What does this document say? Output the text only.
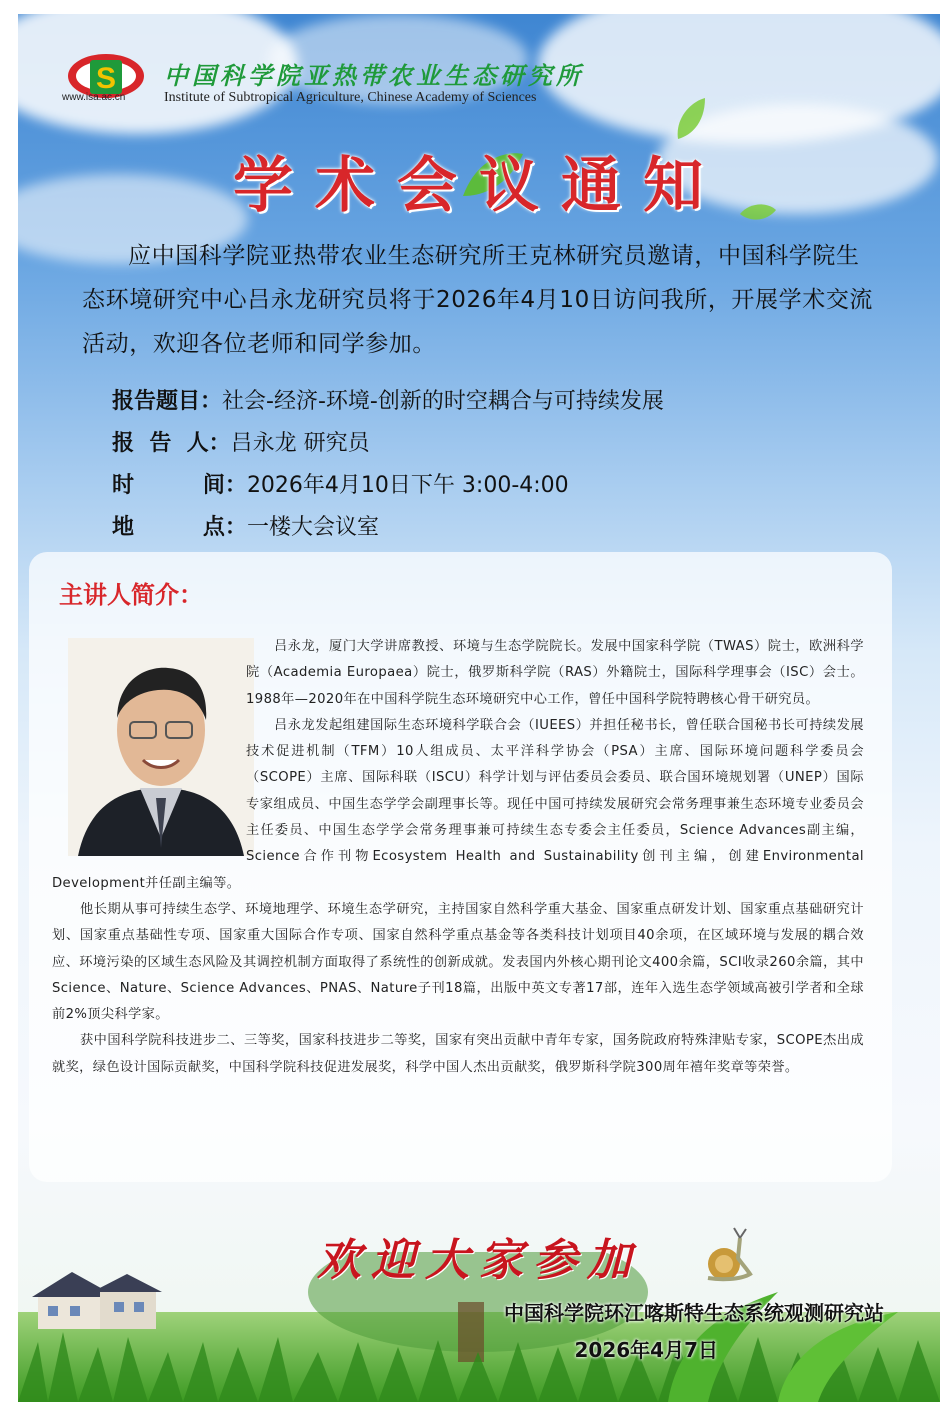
S
www.isa.ac.cn
中国科学院亚热带农业生态研究所
Institute of Subtropical Agriculture, Chinese Academy of Sciences
学术会议通知
应中国科学院亚热带农业生态研究所王克林研究员邀请，中国科学院生态环境研究中心吕永龙研究员将于2026年4月10日访问我所，开展学术交流活动，欢迎各位老师和同学参加。
报告题目：社会-经济-环境-创新的时空耦合与可持续发展
报  告  人：吕永龙 研究员
时         间：2026年4月10日下午 3:00-4:00
地         点：一楼大会议室
欢迎大家参加
中国科学院环江喀斯特生态系统观测研究站
2026年4月7日
主讲人简介：

吕永龙，厦门大学讲席教授、环境与生态学院院长。发展中国家科学院（TWAS）院士，欧洲科学院（Academia Europaea）院士，俄罗斯科学院（RAS）外籍院士，国际科学理事会（ISC）会士。1988年—2020年在中国科学院生态环境研究中心工作，曾任中国科学院特聘核心骨干研究员。

吕永龙发起组建国际生态环境科学联合会（IUEES）并担任秘书长，曾任联合国秘书长可持续发展技术促进机制（TFM）10人组成员、太平洋科学协会（PSA）主席、国际环境问题科学委员会（SCOPE）主席、国际科联（ISCU）科学计划与评估委员会委员、联合国环境规划署（UNEP）国际专家组成员、中国生态学学会副理事长等。现任中国可持续发展研究会常务理事兼生态环境专业委员会主任委员、中国生态学学会常务理事兼可持续生态专委会主任委员，Science Advances副主编，Science合作刊物Ecosystem Health and Sustainability创刊主编，创建Environmental Development并任副主编等。

他长期从事可持续生态学、环境地理学、环境生态学研究，主持国家自然科学重大基金、国家重点研发计划、国家重点基础研究计划、国家重点基础性专项、国家重大国际合作专项、国家自然科学重点基金等各类科技计划项目40余项，在区域环境与发展的耦合效应、环境污染的区域生态风险及其调控机制方面取得了系统性的创新成就。发表国内外核心期刊论文400余篇，SCI收录260余篇，其中Science、Nature、Science Advances、PNAS、Nature子刊18篇，出版中英文专著17部，连年入选生态学领域高被引学者和全球前2%顶尖科学家。

获中国科学院科技进步二、三等奖，国家科技进步二等奖，国家有突出贡献中青年专家，国务院政府特殊津贴专家，SCOPE杰出成就奖，绿色设计国际贡献奖，中国科学院科技促进发展奖，科学中国人杰出贡献奖，俄罗斯科学院300周年禧年奖章等荣誉。
